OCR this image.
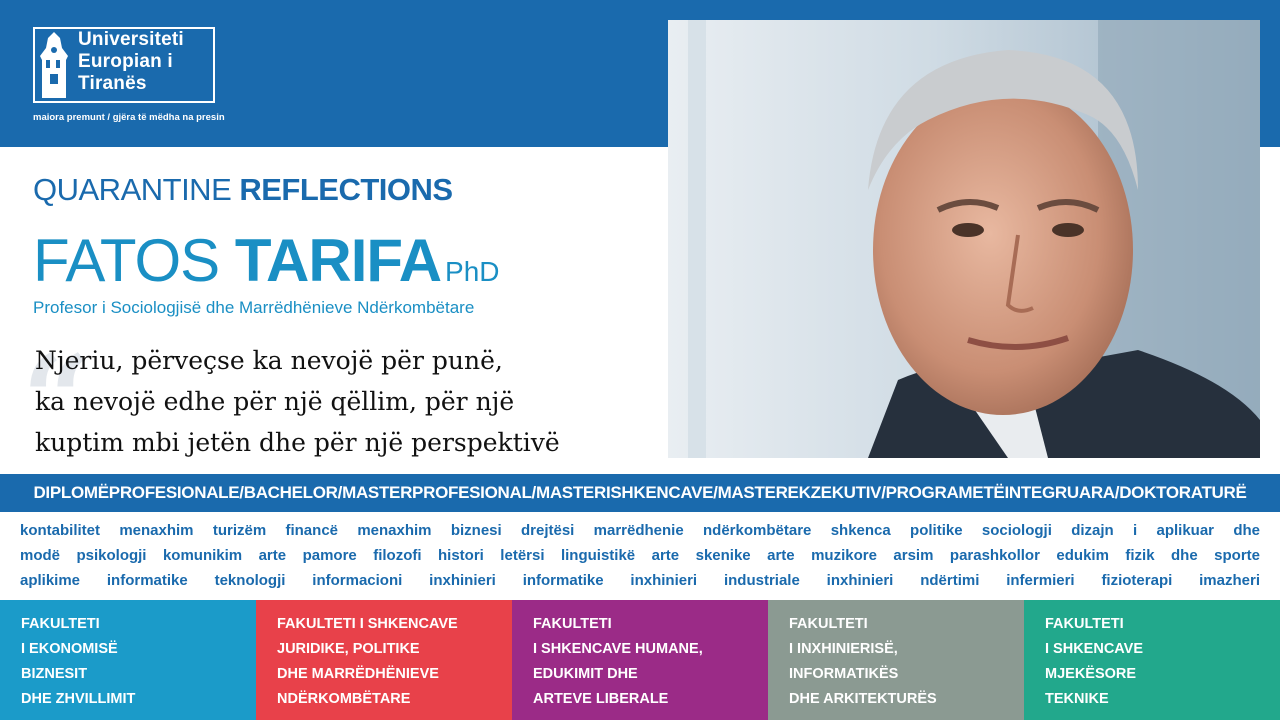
Universiteti
Europian i
Tiranës
maiora premunt / gjëra të mëdha na presin
QUARANTINE REFLECTIONS
FATOS TARIFA PhD
Profesor i Sociologjisë dhe Marrëdhënieve Ndërkombëtare
“
Njeriu, përveçse ka nevojë për punë,
ka nevojë edhe për një qëllim, për një
kuptim mbi jetën dhe për një perspektivë
DIPLOMËPROFESIONALE/BACHELOR/MASTERPROFESIONAL/MASTERISHKENCAVE/MASTEREKZEKUTIV/PROGRAMETËINTEGRUARA/DOKTORATURË
kontabilitet menaxhim turizëm financë menaxhim biznesi drejtësi marrëdhenie ndërkombëtare shkenca politike sociologji dizajn i aplikuar dhe
modë psikologji komunikim arte pamore filozofi histori letërsi linguistikë arte skenike arte muzikore arsim parashkollor edukim fizik dhe sporte
aplikime informatike teknologji informacioni inxhinieri informatike inxhinieri industriale inxhinieri ndërtimi infermieri fizioterapi imazheri
FAKULTETI
I EKONOMISË
BIZNESIT
DHE ZHVILLIMIT
FAKULTETI I SHKENCAVE
JURIDIKE, POLITIKE
DHE MARRËDHËNIEVE
NDËRKOMBËTARE
FAKULTETI
I SHKENCAVE HUMANE,
EDUKIMIT DHE
ARTEVE LIBERALE
FAKULTETI
I INXHINIERISË,
INFORMATIKËS
DHE ARKITEKTURËS
FAKULTETI
I SHKENCAVE
MJEKËSORE
TEKNIKE
